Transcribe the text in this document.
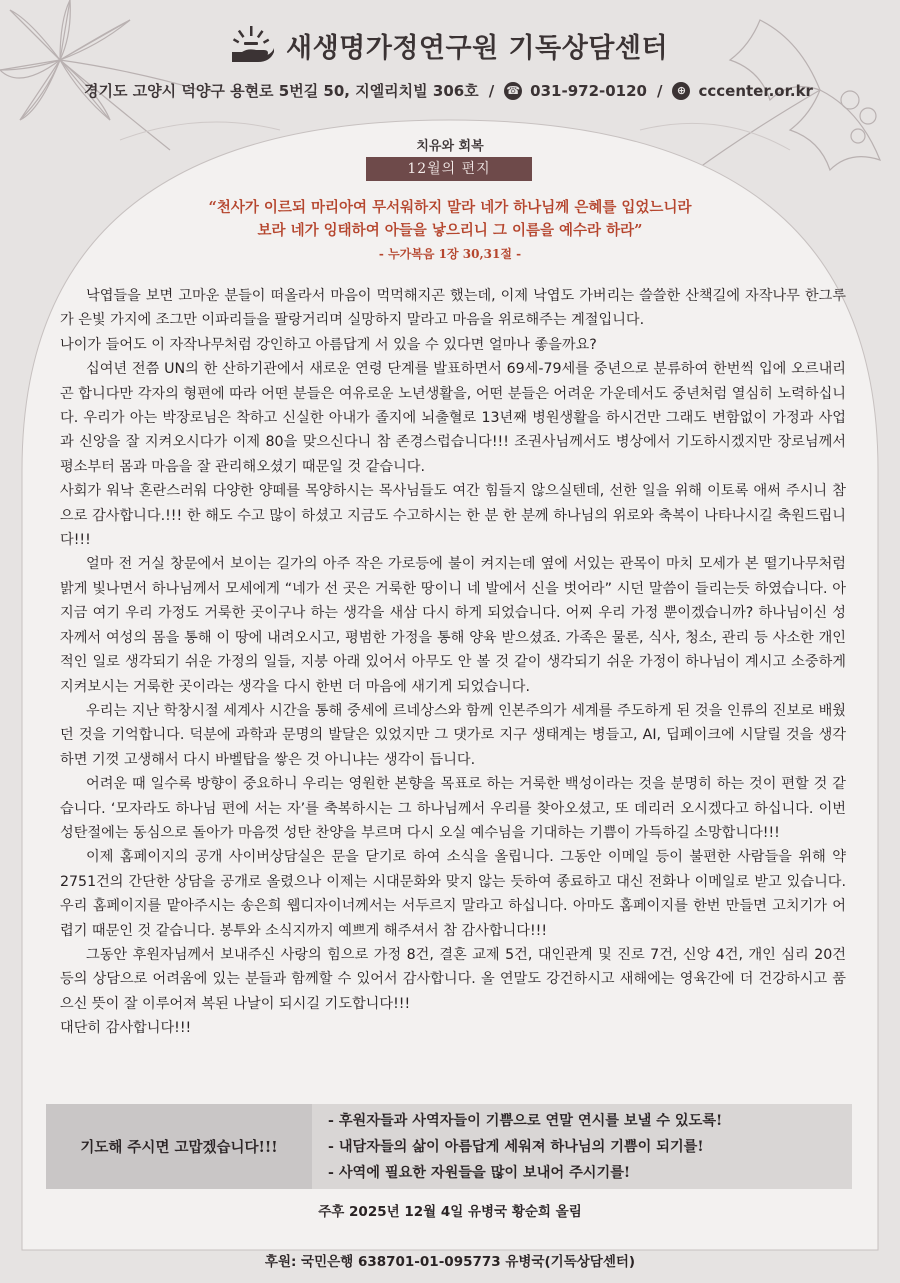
새생명가정연구원 기독상담센터
경기도 고양시 덕양구 용현로 5번길 50, 지엘리치빌 306호 / ☎ 031-972-0120 /	⊕ cccenter.or.kr
치유와 회복
12월의 편지
“천사가 이르되 마리아여 무서워하지 말라 네가 하나님께 은혜를 입었느니라
보라 네가 잉태하여 아들을 낳으리니 그 이름을 예수라 하라”
- 누가복음 1장 30,31절 -

낙엽들을 보면 고마운 분들이 떠올라서 마음이 먹먹해지곤 했는데, 이제 낙엽도 가버리는 쓸쓸한 산책길에 자작나무 한그루가 은빛 가지에 조그만 이파리들을 팔랑거리며 실망하지 말라고 마음을 위로해주는 계절입니다.

나이가 들어도 이 자작나무처럼 강인하고 아름답게 서 있을 수 있다면 얼마나 좋을까요?

십여년 전쯤 UN의 한 산하기관에서 새로운 연령 단계를 발표하면서 69세-79세를 중년으로 분류하여 한번씩 입에 오르내리곤 합니다만 각자의 형편에 따라 어떤 분들은 여유로운 노년생활을, 어떤 분들은 어려운 가운데서도 중년처럼 열심히 노력하십니다. 우리가 아는 박장로님은 착하고 신실한 아내가 졸지에 뇌출혈로 13년째 병원생활을 하시건만 그래도 변함없이 가정과 사업과 신앙을 잘 지켜오시다가 이제 80을 맞으신다니 참 존경스럽습니다!!! 조권사님께서도 병상에서 기도하시겠지만 장로님께서 평소부터 몸과 마음을 잘 관리해오셨기 때문일 것 같습니다.

사회가 워낙 혼란스러워 다양한 양떼를 목양하시는 목사님들도 여간 힘들지 않으실텐데, 선한 일을 위해 이토록 애써 주시니 참으로 감사합니다.!!! 한 해도 수고 많이 하셨고 지금도 수고하시는 한 분 한 분께 하나님의 위로와 축복이 나타나시길 축원드립니다!!!

얼마 전 거실 창문에서 보이는 길가의 아주 작은 가로등에 불이 켜지는데 옆에 서있는 관목이 마치 모세가 본 떨기나무처럼 밝게 빛나면서 하나님께서 모세에게 “네가 선 곳은 거룩한 땅이니 네 발에서 신을 벗어라” 시던 말씀이 들리는듯 하였습니다. 아 지금 여기 우리 가정도 거룩한 곳이구나 하는 생각을 새삼 다시 하게 되었습니다. 어찌 우리 가정 뿐이겠습니까? 하나님이신 성자께서 여성의 몸을 통해 이 땅에 내려오시고, 평범한 가정을 통해 양육 받으셨죠. 가족은 물론, 식사, 청소, 관리 등 사소한 개인적인 일로 생각되기 쉬운 가정의 일들, 지붕 아래 있어서 아무도 안 볼 것 같이 생각되기 쉬운 가정이 하나님이 계시고 소중하게 지켜보시는 거룩한 곳이라는 생각을 다시 한번 더 마음에 새기게 되었습니다.

우리는 지난 학창시절 세계사 시간을 통해 중세에 르네상스와 함께 인본주의가 세계를 주도하게 된 것을 인류의 진보로 배웠던 것을 기억합니다. 덕분에 과학과 문명의 발달은 있었지만 그 댓가로 지구 생태계는 병들고, AI, 딥페이크에 시달릴 것을 생각하면 기껏 고생해서 다시 바벨탑을 쌓은 것 아니냐는 생각이 듭니다.

어려운 때 일수록 방향이 중요하니 우리는 영원한 본향을 목표로 하는 거룩한 백성이라는 것을 분명히 하는 것이 편할 것 같습니다. ‘모자라도 하나님 편에 서는 자’를 축복하시는 그 하나님께서 우리를 찾아오셨고, 또 데리러 오시겠다고 하십니다. 이번 성탄절에는 동심으로 돌아가 마음껏 성탄 찬양을 부르며 다시 오실 예수님을 기대하는 기쁨이 가득하길 소망합니다!!!

이제 홈페이지의 공개 사이버상담실은 문을 닫기로 하여 소식을 올립니다. 그동안 이메일 등이 불편한 사람들을 위해 약 2751건의 간단한 상담을 공개로 올렸으나 이제는 시대문화와 맞지 않는 듯하여 종료하고 대신 전화나 이메일로 받고 있습니다. 우리 홈페이지를 맡아주시는 송은희 웹디자이너께서는 서두르지 말라고 하십니다. 아마도 홈페이지를 한번 만들면 고치기가 어렵기 때문인 것 같습니다. 봉투와 소식지까지 예쁘게 해주셔서 참 감사합니다!!!

그동안 후원자님께서 보내주신 사랑의 힘으로 가정 8건, 결혼 교제 5건, 대인관계 및 진로 7건, 신앙 4건, 개인 심리 20건 등의 상담으로 어려움에 있는 분들과 함께할 수 있어서 감사합니다. 올 연말도 강건하시고 새해에는 영육간에 더 건강하시고 품으신 뜻이 잘 이루어져 복된 나날이 되시길 기도합니다!!!

대단히 감사합니다!!!

기도해 주시면 고맙겠습니다!!!
- 후원자들과 사역자들이 기쁨으로 연말 연시를 보낼 수 있도록!
- 내담자들의 삶이 아름답게 세워져 하나님의 기쁨이 되기를!
- 사역에 필요한 자원들을 많이 보내어 주시기를!
주후 2025년 12월 4일 유병국 황순희 올림
후원: 국민은행 638701-01-095773 유병국(기독상담센터)
